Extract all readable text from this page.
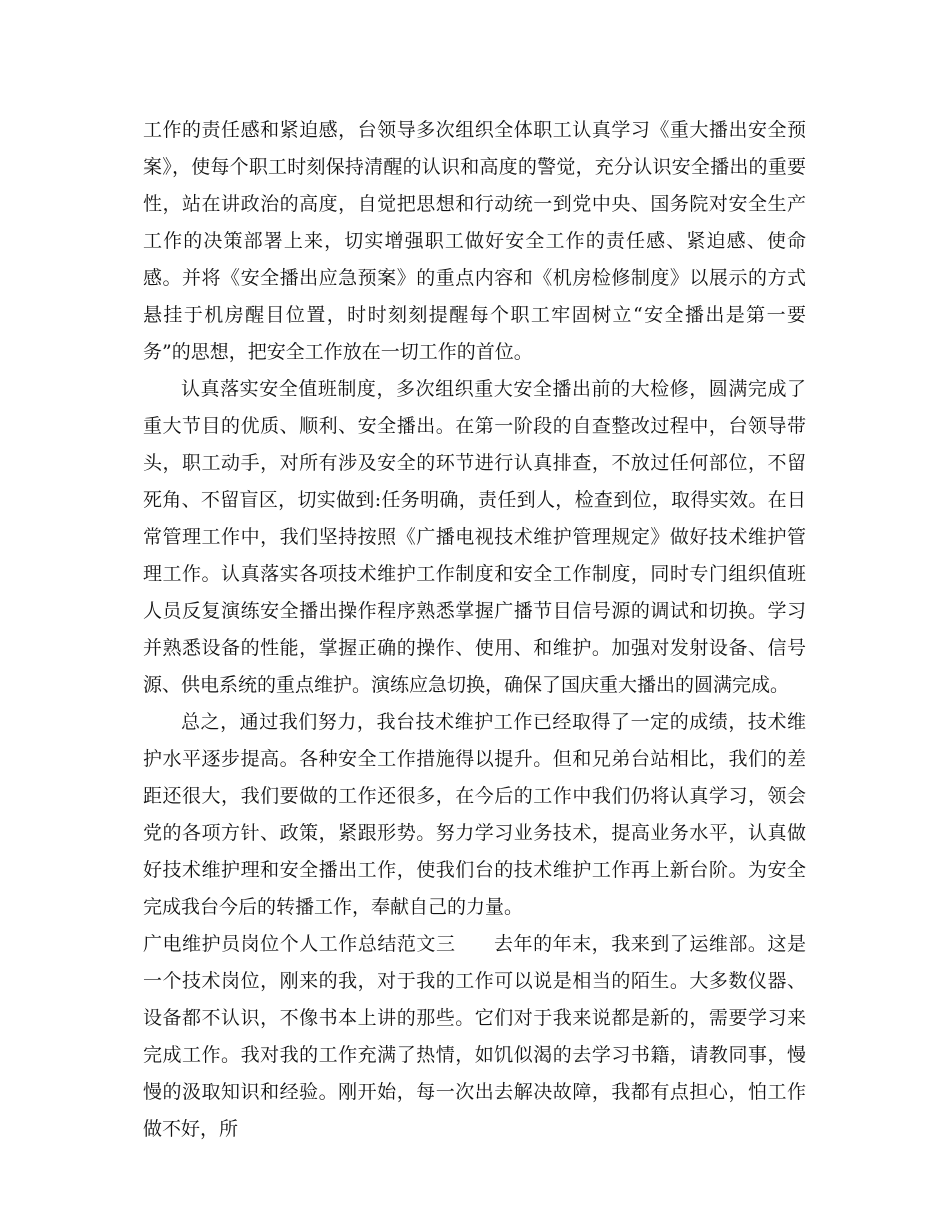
工作的责任感和紧迫感，台领导多次组织全体职工认真学习《重大播出安全预案》，使每个职工时刻保持清醒的认识和高度的警觉，充分认识安全播出的重要性，站在讲政治的高度，自觉把思想和行动统一到党中央、国务院对安全生产工作的决策部署上来，切实增强职工做好安全工作的责任感、紧迫感、使命感。并将《安全播出应急预案》的重点内容和《机房检修制度》以展示的方式悬挂于机房醒目位置，时时刻刻提醒每个职工牢固树立“安全播出是第一要务”的思想，把安全工作放在一切工作的首位。

认真落实安全值班制度，多次组织重大安全播出前的大检修，圆满完成了重大节目的优质、顺利、安全播出。在第一阶段的自查整改过程中，台领导带头，职工动手，对所有涉及安全的环节进行认真排查，不放过任何部位，不留死角、不留盲区，切实做到:任务明确，责任到人，检查到位，取得实效。在日常管理工作中，我们坚持按照《广播电视技术维护管理规定》做好技术维护管理工作。认真落实各项技术维护工作制度和安全工作制度，同时专门组织值班人员反复演练安全播出操作程序熟悉掌握广播节目信号源的调试和切换。学习并熟悉设备的性能，掌握正确的操作、使用、和维护。加强对发射设备、信号源、供电系统的重点维护。演练应急切换，确保了国庆重大播出的圆满完成。

总之，通过我们努力，我台技术维护工作已经取得了一定的成绩，技术维护水平逐步提高。各种安全工作措施得以提升。但和兄弟台站相比，我们的差距还很大，我们要做的工作还很多，在今后的工作中我们仍将认真学习，领会党的各项方针、政策，紧跟形势。努力学习业务技术，提高业务水平，认真做好技术维护理和安全播出工作，使我们台的技术维护工作再上新台阶。为安全完成我台今后的转播工作，奉献自己的力量。

广电维护员岗位个人工作总结范文三 去年的年末，我来到了运维部。这是一个技术岗位，刚来的我，对于我的工作可以说是相当的陌生。大多数仪器、设备都不认识，不像书本上讲的那些。它们对于我来说都是新的，需要学习来完成工作。我对我的工作充满了热情，如饥似渴的去学习书籍，请教同事，慢慢的汲取知识和经验。刚开始，每一次出去解决故障，我都有点担心，怕工作做不好，所
